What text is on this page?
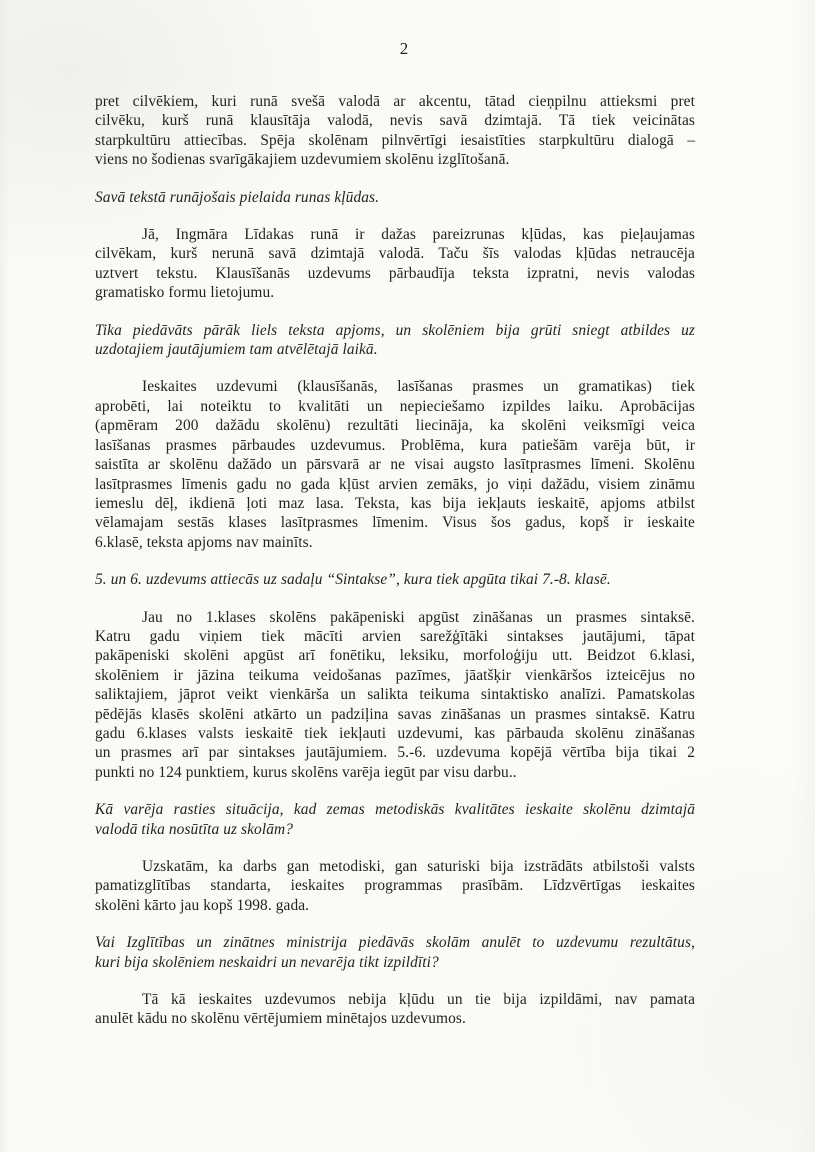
2
pret cilvēkiem, kuri runā svešā valodā ar akcentu, tātad cieņpilnu attieksmi pret
cilvēku, kurš runā klausītāja valodā, nevis savā dzimtajā. Tā tiek veicinātas
starpkultūru attiecības. Spēja skolēnam pilnvērtīgi iesaistīties starpkultūru dialogā –
viens no šodienas svarīgākajiem uzdevumiem skolēnu izglītošanā.
Savā tekstā runājošais pielaida runas kļūdas.
Jā, Ingmāra Līdakas runā ir dažas pareizrunas kļūdas, kas pieļaujamas
cilvēkam, kurš nerunā savā dzimtajā valodā. Taču šīs valodas kļūdas netraucēja
uztvert tekstu. Klausīšanās uzdevums pārbaudīja teksta izpratni, nevis valodas
gramatisko formu lietojumu.
Tika piedāvāts pārāk liels teksta apjoms, un skolēniem bija grūti sniegt atbildes uz
uzdotajiem jautājumiem tam atvēlētajā laikā.
Ieskaites uzdevumi (klausīšanās, lasīšanas prasmes un gramatikas) tiek
aprobēti, lai noteiktu to kvalitāti un nepieciešamo izpildes laiku. Aprobācijas
(apmēram 200 dažādu skolēnu) rezultāti liecināja, ka skolēni veiksmīgi veica
lasīšanas prasmes pārbaudes uzdevumus. Problēma, kura patiešām varēja būt, ir
saistīta ar skolēnu dažādo un pārsvarā ar ne visai augsto lasītprasmes līmeni. Skolēnu
lasītprasmes līmenis gadu no gada kļūst arvien zemāks, jo viņi dažādu, visiem zināmu
iemeslu dēļ, ikdienā ļoti maz lasa. Teksta, kas bija iekļauts ieskaitē, apjoms atbilst
vēlamajam sestās klases lasītprasmes līmenim. Visus šos gadus, kopš ir ieskaite
6.klasē, teksta apjoms nav mainīts.
5. un 6. uzdevums attiecās uz sadaļu “Sintakse”, kura tiek apgūta tikai 7.-8. klasē.
Jau no 1.klases skolēns pakāpeniski apgūst zināšanas un prasmes sintaksē.
Katru gadu viņiem tiek mācīti arvien sarežģītāki sintakses jautājumi, tāpat
pakāpeniski skolēni apgūst arī fonētiku, leksiku, morfoloģiju utt. Beidzot 6.klasi,
skolēniem ir jāzina teikuma veidošanas pazīmes, jāatšķir vienkāršos izteicējus no
saliktajiem, jāprot veikt vienkārša un salikta teikuma sintaktisko analīzi. Pamatskolas
pēdējās klasēs skolēni atkārto un padziļina savas zināšanas un prasmes sintaksē. Katru
gadu 6.klases valsts ieskaitē tiek iekļauti uzdevumi, kas pārbauda skolēnu zināšanas
un prasmes arī par sintakses jautājumiem. 5.-6. uzdevuma kopējā vērtība bija tikai 2
punkti no 124 punktiem, kurus skolēns varēja iegūt par visu darbu..
Kā varēja rasties situācija, kad zemas metodiskās kvalitātes ieskaite skolēnu dzimtajā
valodā tika nosūtīta uz skolām?
Uzskatām, ka darbs gan metodiski, gan saturiski bija izstrādāts atbilstoši valsts
pamatizglītības standarta, ieskaites programmas prasībām. Līdzvērtīgas ieskaites
skolēni kārto jau kopš 1998. gada.
Vai Izglītības un zinātnes ministrija piedāvās skolām anulēt to uzdevumu rezultātus,
kuri bija skolēniem neskaidri un nevarēja tikt izpildīti?
Tā kā ieskaites uzdevumos nebija kļūdu un tie bija izpildāmi, nav pamata
anulēt kādu no skolēnu vērtējumiem minētajos uzdevumos.
